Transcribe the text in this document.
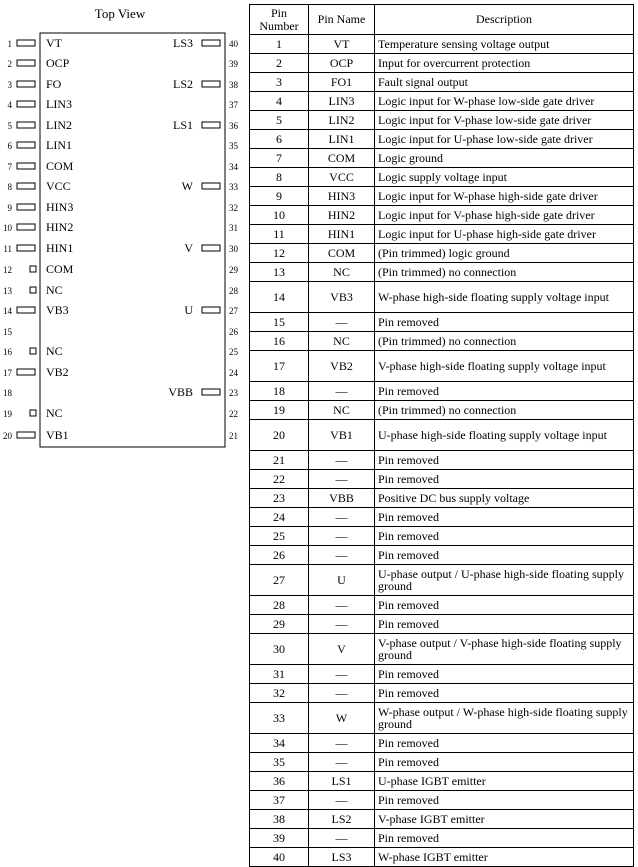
Top View
1	VT
2	OCP
3	FO
4	LIN3
5	LIN2
6	LIN1
7	COM
8	VCC
9	HIN3
10	HIN2
11	HIN1
12	COM
13	NC
14	VB3
15
16	NC
17	VB2
18
19	NC
20	VB1
40
LS3
39
38
LS2
37
36
LS1
35
34
33
W
32
31
30
V
29
28
27
U
26
25
24
23
VBB
22
21
Pin Number	Pin Name	Description
1	VT	Temperature sensing voltage output
2	OCP	Input for overcurrent protection
3	FO1	Fault signal output
4	LIN3	Logic input for W-phase low-side gate driver
5	LIN2	Logic input for V-phase low-side gate driver
6	LIN1	Logic input for U-phase low-side gate driver
7	COM	Logic ground
8	VCC	Logic supply voltage input
9	HIN3	Logic input for W-phase high-side gate driver
10	HIN2	Logic input for V-phase high-side gate driver
11	HIN1	Logic input for U-phase high-side gate driver
12	COM	(Pin trimmed) logic ground
13	NC	(Pin trimmed) no connection
14	VB3	W-phase high-side floating supply voltage input
15	—	Pin removed
16	NC	(Pin trimmed) no connection
17	VB2	V-phase high-side floating supply voltage input
18	—	Pin removed
19	NC	(Pin trimmed) no connection
20	VB1	U-phase high-side floating supply voltage input
21	—	Pin removed
22	—	Pin removed
23	VBB	Positive DC bus supply voltage
24	—	Pin removed
25	—	Pin removed
26	—	Pin removed
27	U	U-phase output / U-phase high-side floating supply ground
28	—	Pin removed
29	—	Pin removed
30	V	V-phase output / V-phase high-side floating supply ground
31	—	Pin removed
32	—	Pin removed
33	W	W-phase output / W-phase high-side floating supply ground
34	—	Pin removed
35	—	Pin removed
36	LS1	U-phase IGBT emitter
37	—	Pin removed
38	LS2	V-phase IGBT emitter
39	—	Pin removed
40	LS3	W-phase IGBT emitter
